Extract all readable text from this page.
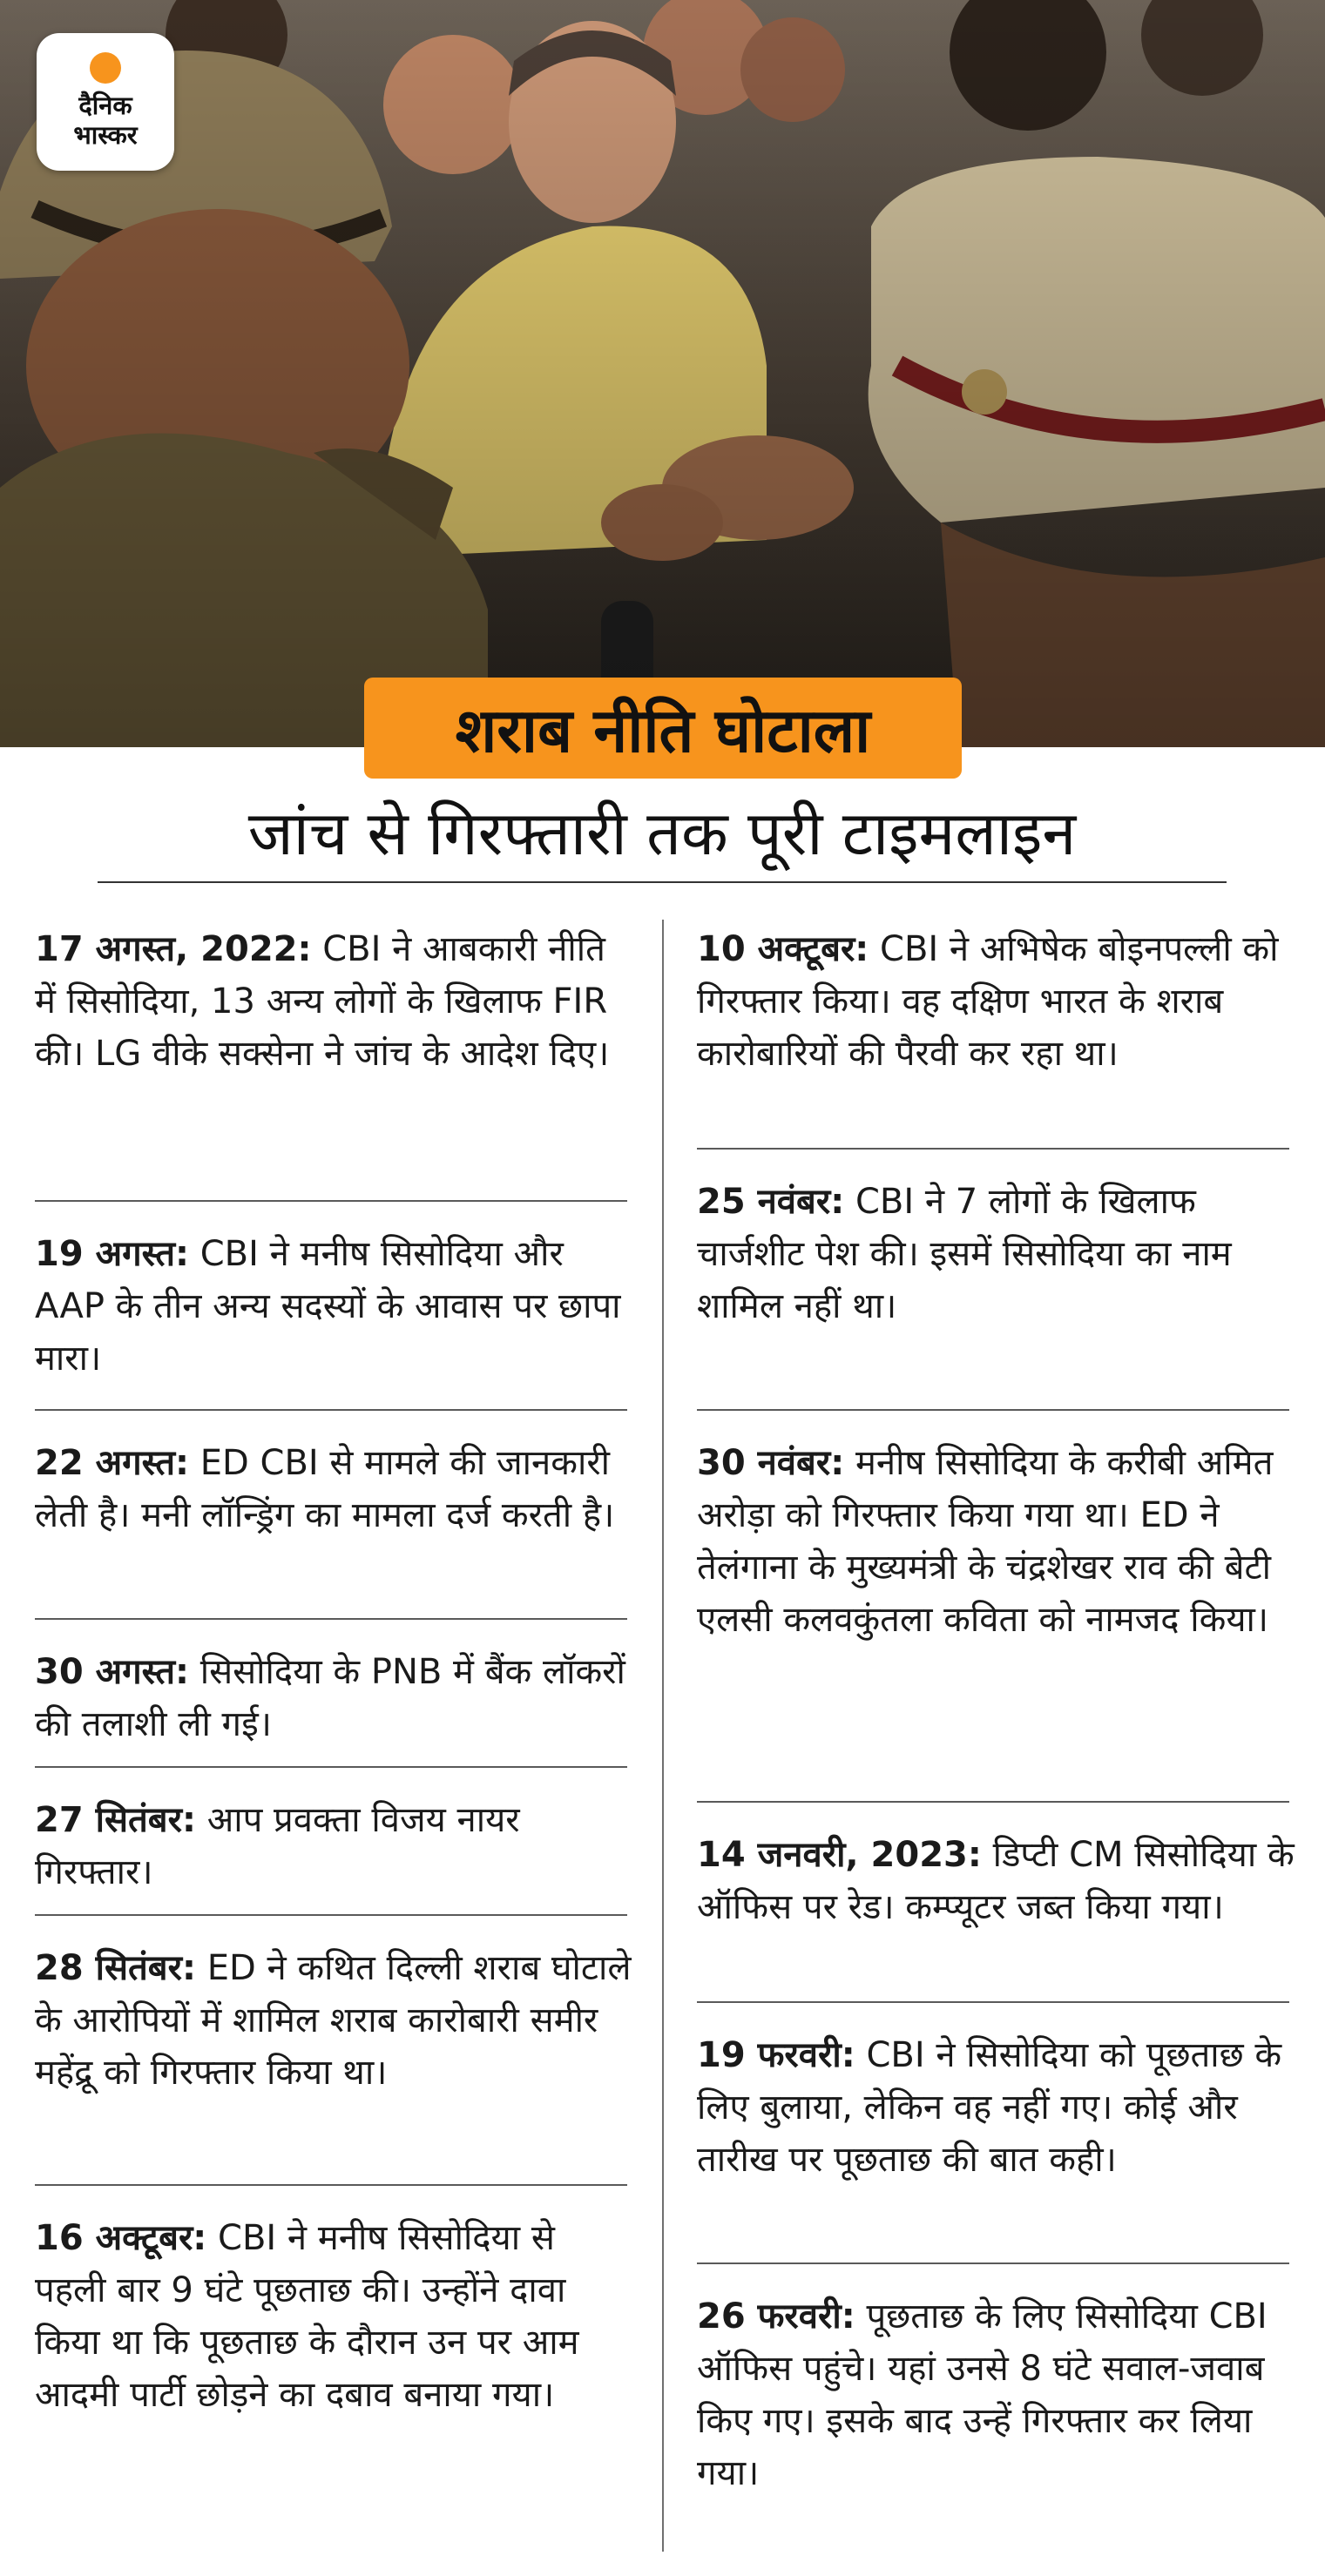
दैनिक
भास्कर
शराब नीति घोटाला
जांच से गिरफ्तारी तक पूरी टाइमलाइन
17 अगस्त, 2022: CBI ने आबकारी नीति में सिसोदिया, 13 अन्य लोगों के खिलाफ FIR की। LG वीके सक्सेना ने जांच के आदेश दिए।
19 अगस्त: CBI ने मनीष सिसोदिया और AAP के तीन अन्य सदस्यों के आवास पर छापा मारा।
22 अगस्त: ED CBI से मामले की जानकारी लेती है। मनी लॉन्ड्रिंग का मामला दर्ज करती है।
30 अगस्त: सिसोदिया के PNB में बैंक लॉकरों की तलाशी ली गई।
27 सितंबर: आप प्रवक्ता विजय नायर गिरफ्तार।
28 सितंबर: ED ने कथित दिल्ली शराब घोटाले के आरोपियों में शामिल शराब कारोबारी समीर महेंद्रू को गिरफ्तार किया था।
16 अक्टूबर: CBI ने मनीष सिसोदिया से पहली बार 9 घंटे पूछताछ की। उन्होंने दावा किया था कि पूछताछ के दौरान उन पर आम आदमी पार्टी छोड़ने का दबाव बनाया गया।
10 अक्टूबर: CBI ने अभिषेक बोइनपल्ली को गिरफ्तार किया। वह दक्षिण भारत के शराब कारोबारियों की पैरवी कर रहा था।
25 नवंबर: CBI ने 7 लोगों के खिलाफ चार्जशीट पेश की। इसमें सिसोदिया का नाम शामिल नहीं था।
30 नवंबर: मनीष सिसोदिया के करीबी अमित अरोड़ा को गिरफ्तार किया गया था। ED ने तेलंगाना के मुख्यमंत्री के चंद्रशेखर राव की बेटी एलसी कलवकुंतला कविता को नामजद किया।
14 जनवरी, 2023: डिप्टी CM सिसोदिया के ऑफिस पर रेड। कम्प्यूटर जब्त किया गया।
19 फरवरी: CBI ने सिसोदिया को पूछताछ के लिए बुलाया, लेकिन वह नहीं गए। कोई और तारीख पर पूछताछ की बात कही।
26 फरवरी: पूछताछ के लिए सिसोदिया CBI ऑफिस पहुंचे। यहां उनसे 8 घंटे सवाल-जवाब किए गए। इसके बाद उन्हें गिरफ्तार कर लिया गया।
